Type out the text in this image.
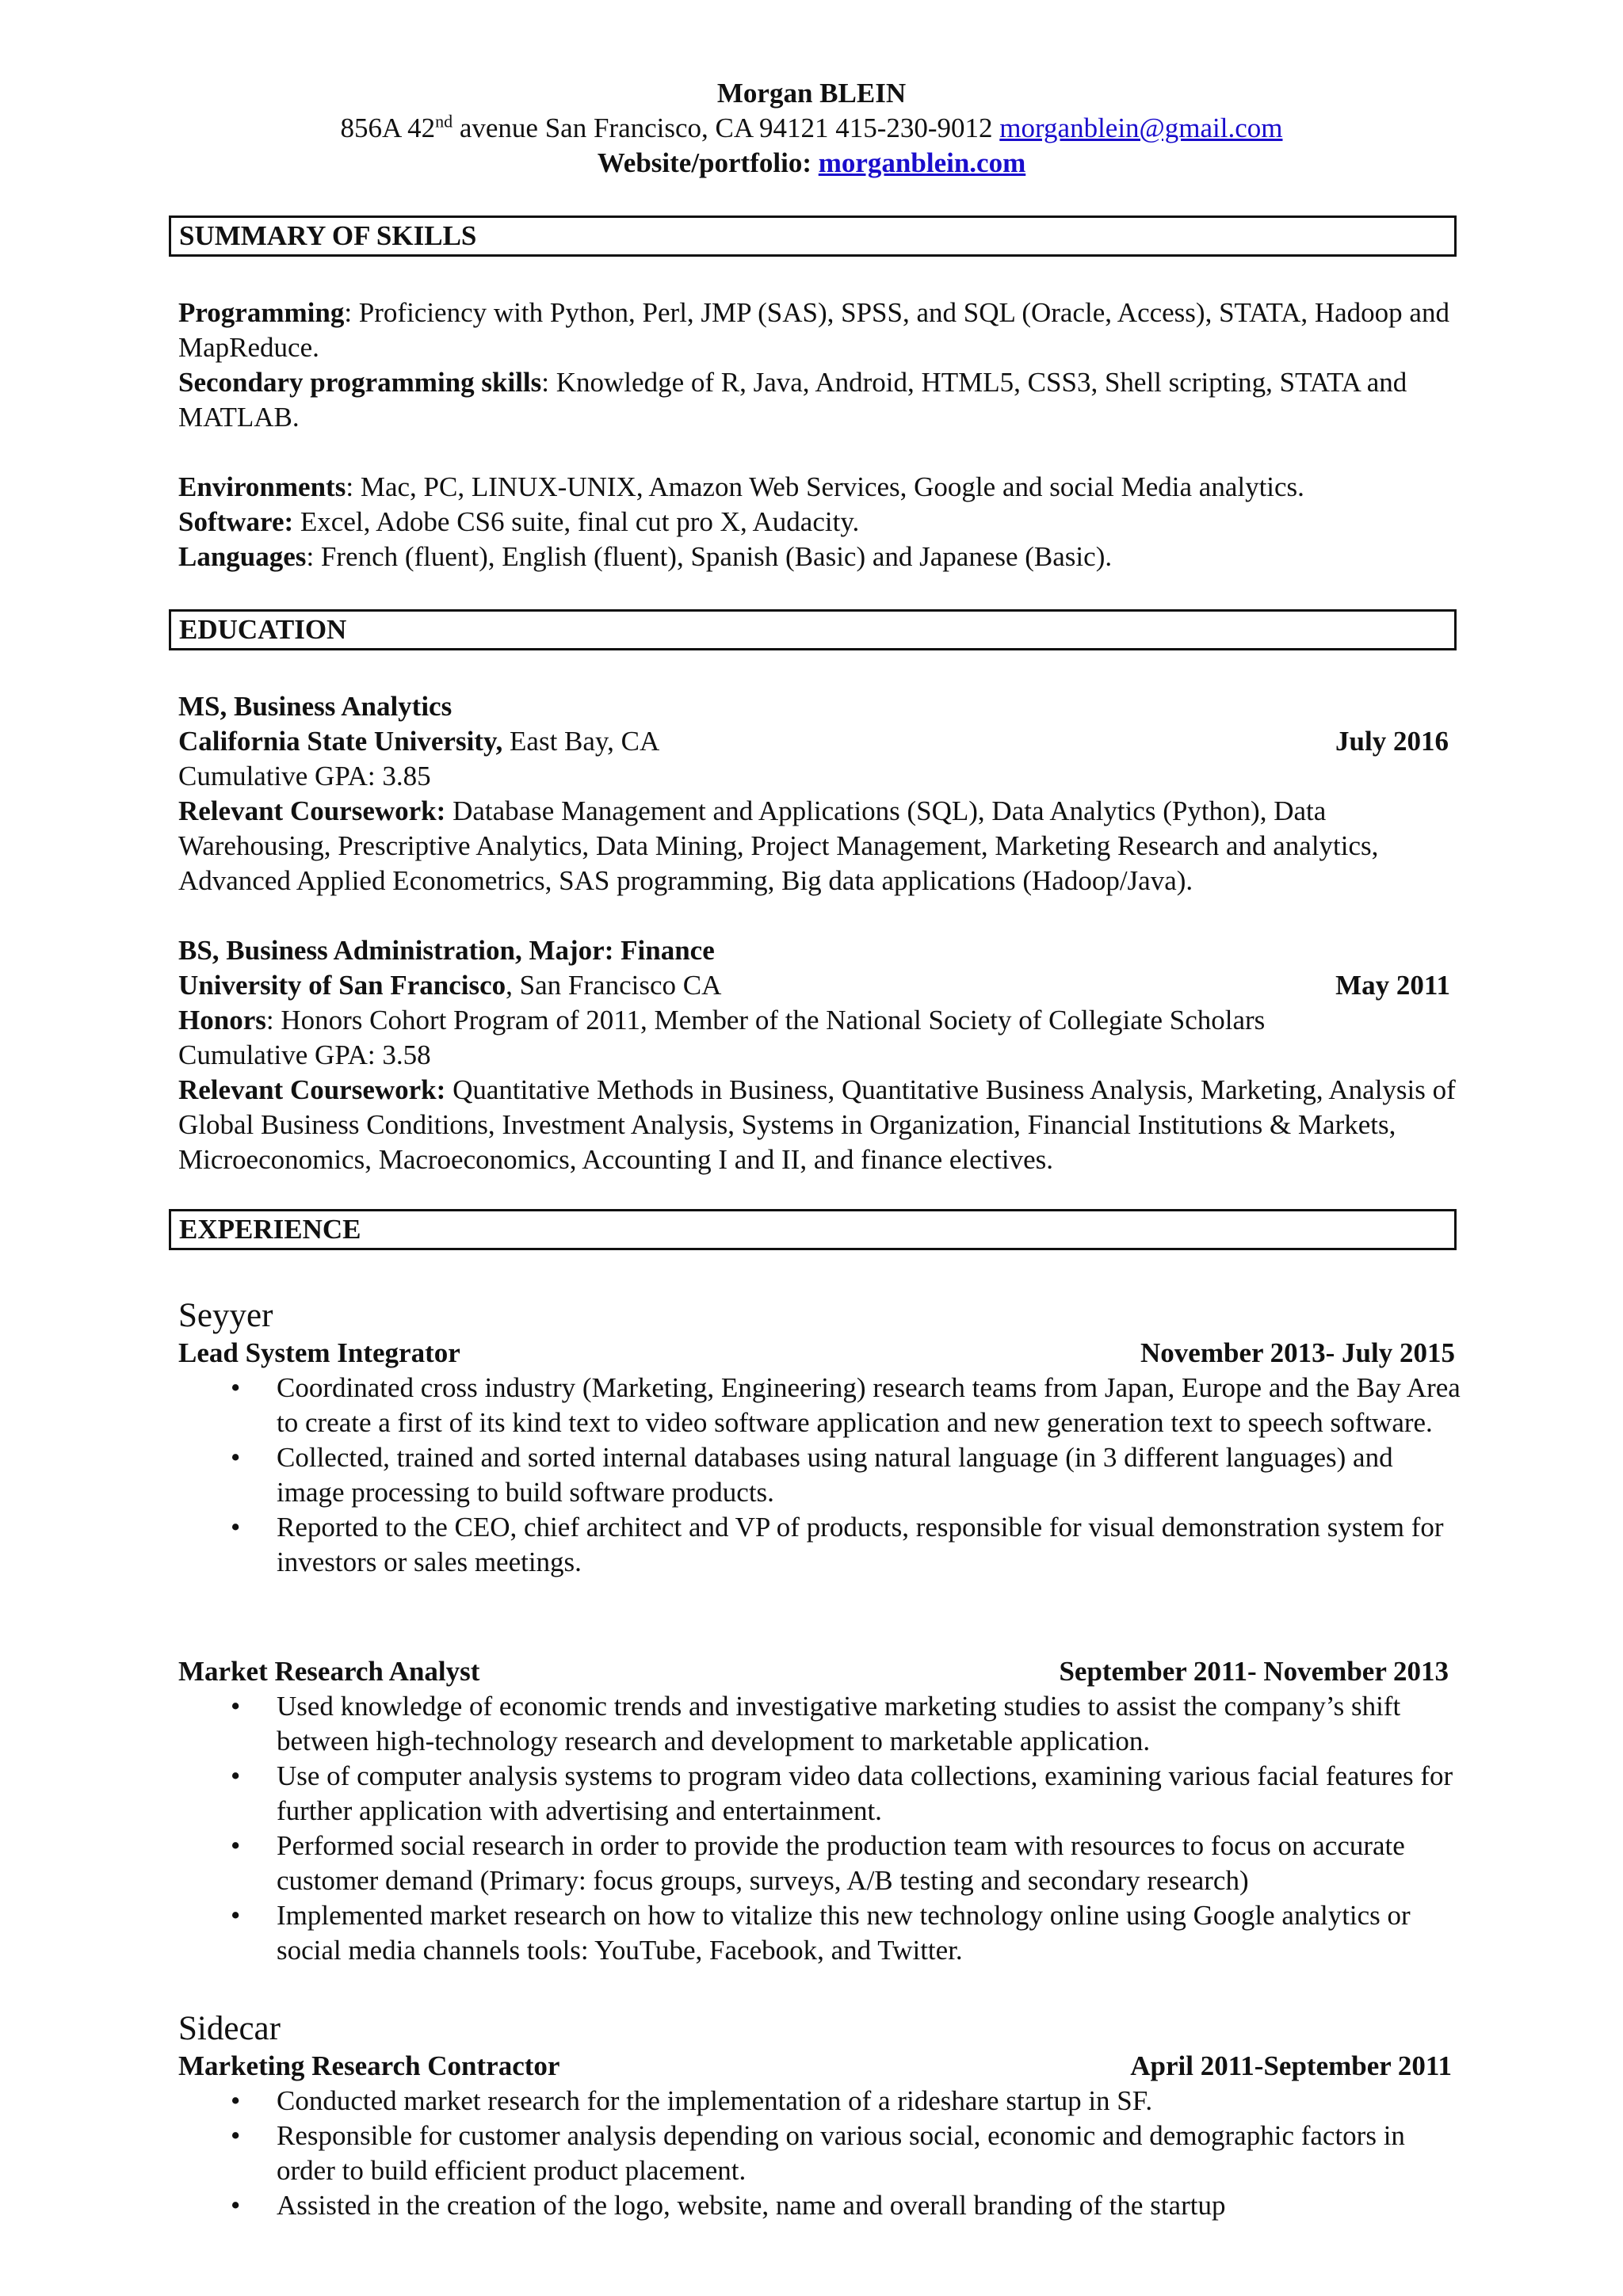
Morgan BLEIN
856A 42nd avenue San Francisco, CA 94121 415-230-9012 morganblein@gmail.com
Website/portfolio: morganblein.com
SUMMARY OF SKILLS
Programming: Proficiency with Python, Perl, JMP (SAS), SPSS, and SQL (Oracle, Access), STATA, Hadoop and MapReduce.
Secondary programming skills: Knowledge of R, Java, Android, HTML5, CSS3, Shell scripting, STATA and MATLAB.
Environments: Mac, PC, LINUX-UNIX, Amazon Web Services, Google and social Media analytics.
Software: Excel, Adobe CS6 suite, final cut pro X, Audacity.
Languages: French (fluent), English (fluent), Spanish (Basic) and Japanese (Basic).
EDUCATION
MS, Business Analytics
California State University, East Bay, CA	July 2016
Cumulative GPA: 3.85
Relevant Coursework: Database Management and Applications (SQL), Data Analytics (Python), Data Warehousing, Prescriptive Analytics, Data Mining, Project Management, Marketing Research and analytics, Advanced Applied Econometrics, SAS programming, Big data applications (Hadoop/Java).
BS, Business Administration, Major: Finance
University of San Francisco, San Francisco CA	May 2011
Honors: Honors Cohort Program of 2011, Member of the National Society of Collegiate Scholars
Cumulative GPA: 3.58
Relevant Coursework: Quantitative Methods in Business, Quantitative Business Analysis, Marketing, Analysis of Global Business Conditions, Investment Analysis, Systems in Organization, Financial Institutions & Markets, Microeconomics, Macroeconomics, Accounting I and II, and finance electives.
EXPERIENCE
Seyyer
Lead System Integrator	November 2013- July 2015
• Coordinated cross industry (Marketing, Engineering) research teams from Japan, Europe and the Bay Area to create a first of its kind text to video software application and new generation text to speech software.
• Collected, trained and sorted internal databases using natural language (in 3 different languages) and image processing to build software products.
• Reported to the CEO, chief architect and VP of products, responsible for visual demonstration system for investors or sales meetings.
Market Research Analyst	September 2011- November 2013
• Used knowledge of economic trends and investigative marketing studies to assist the company’s shift between high-technology research and development to marketable application.
• Use of computer analysis systems to program video data collections, examining various facial features for further application with advertising and entertainment.
• Performed social research in order to provide the production team with resources to focus on accurate customer demand (Primary: focus groups, surveys, A/B testing and secondary research)
• Implemented market research on how to vitalize this new technology online using Google analytics or social media channels tools: YouTube, Facebook, and Twitter.
Sidecar
Marketing Research Contractor	April 2011-September 2011
• Conducted market research for the implementation of a rideshare startup in SF.
• Responsible for customer analysis depending on various social, economic and demographic factors in order to build efficient product placement.
• Assisted in the creation of the logo, website, name and overall branding of the startup
